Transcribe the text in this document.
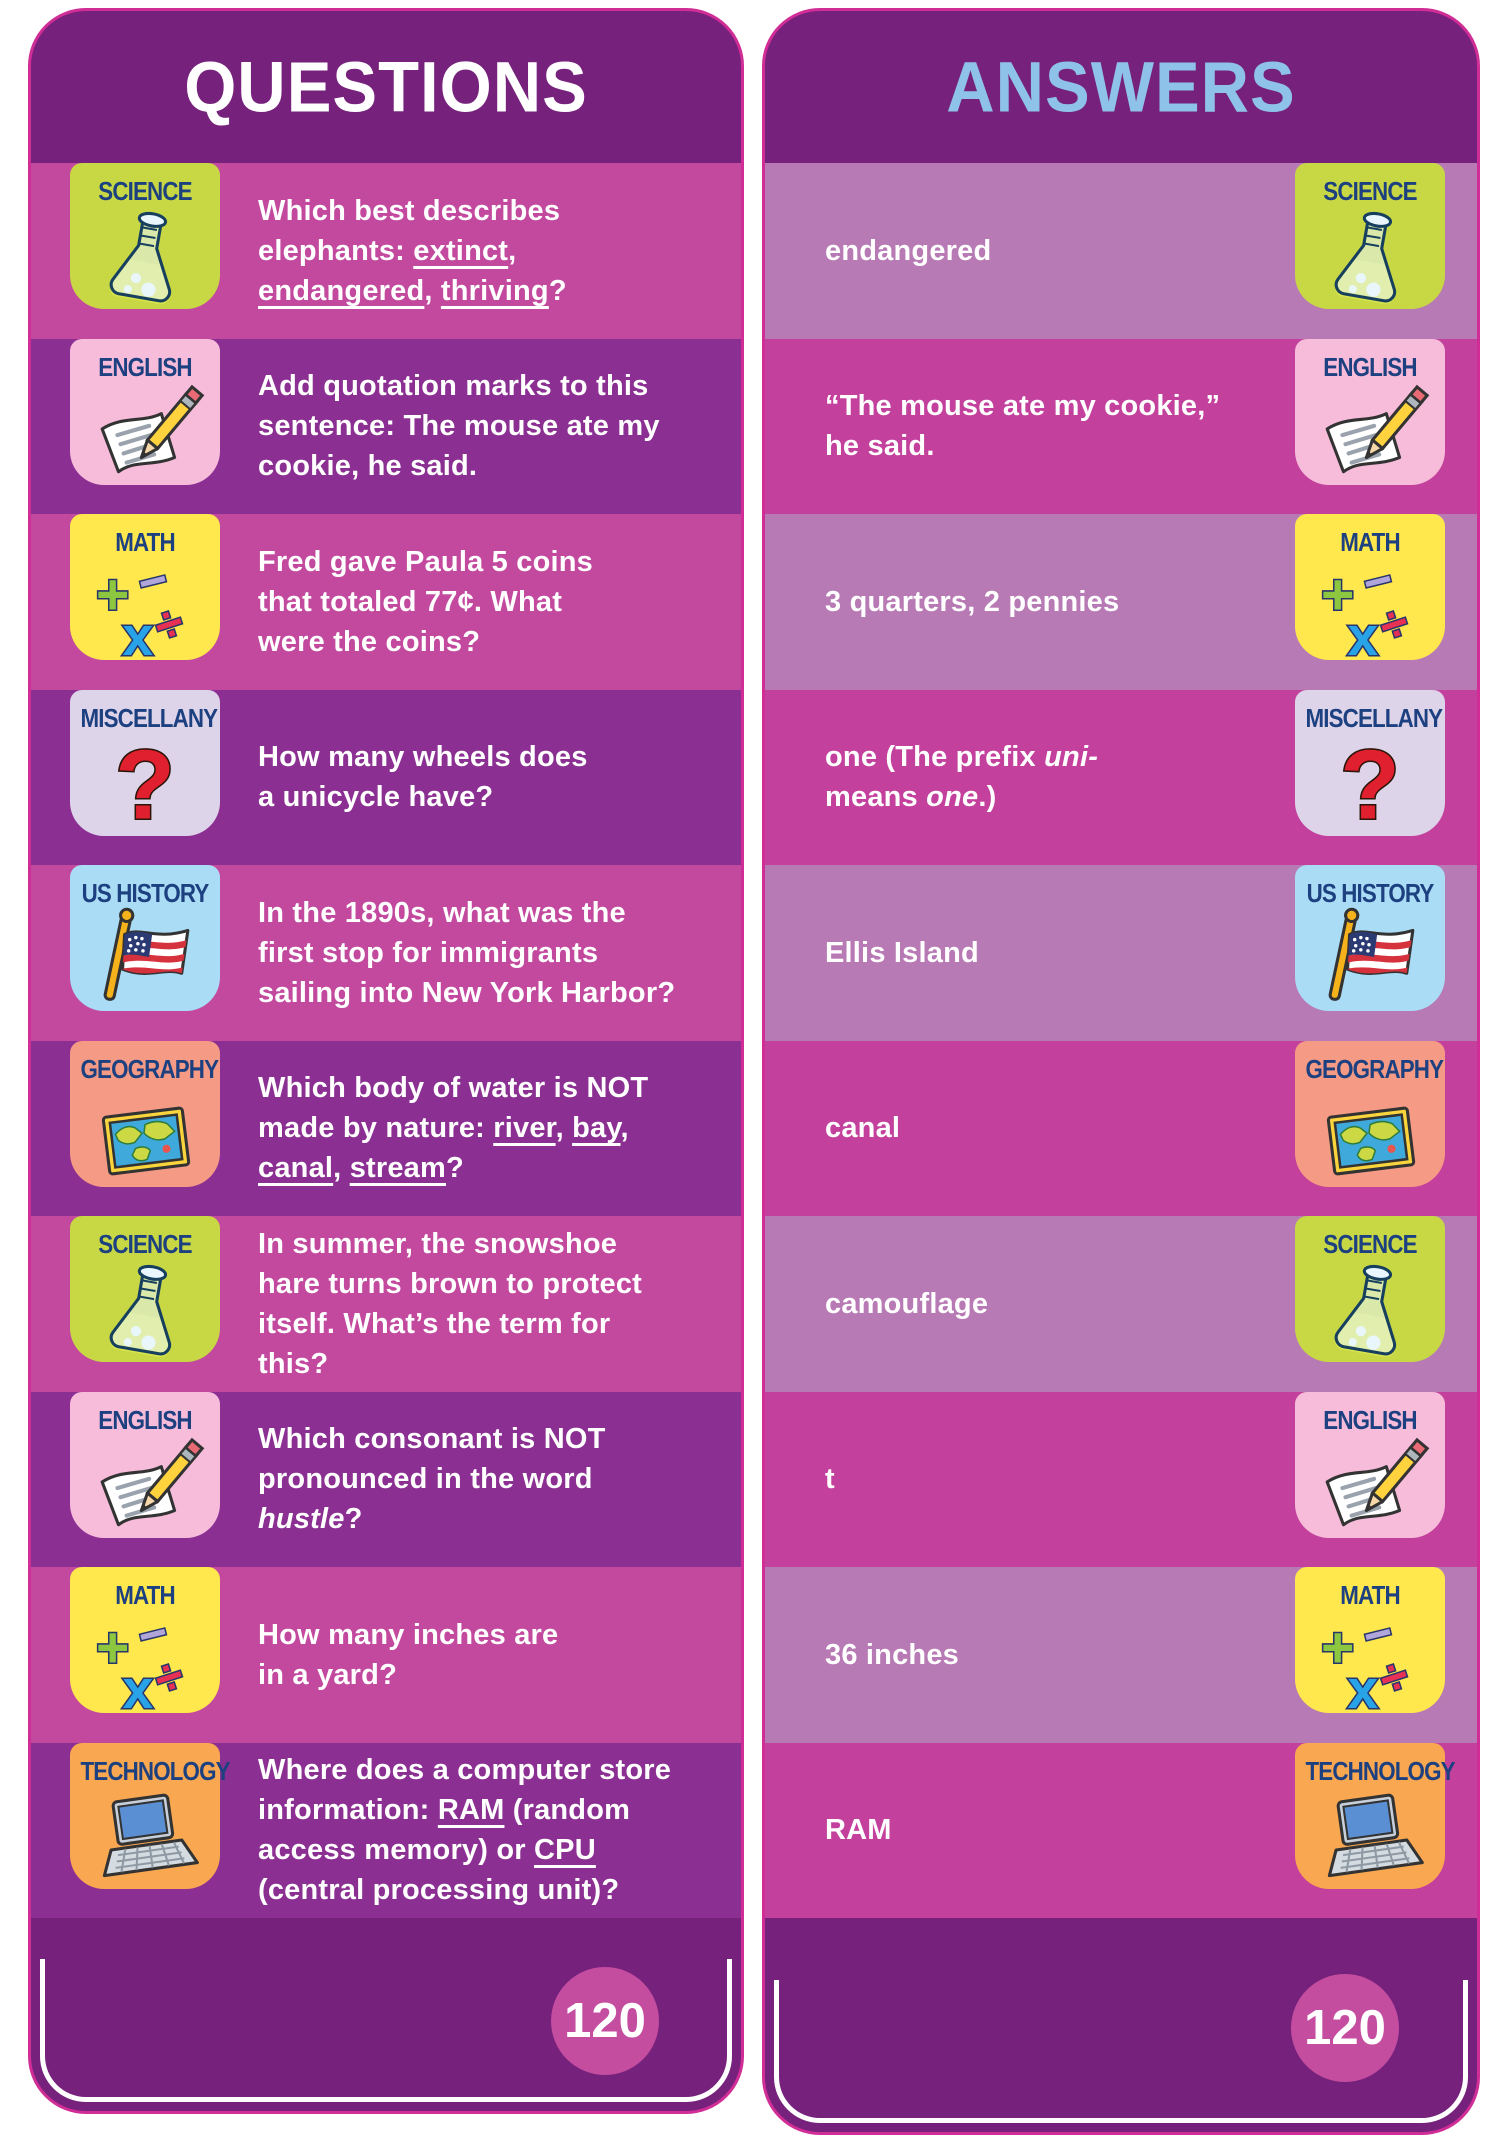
QUESTIONS
SCIENCE
Which best describes
elephants: extinct,
endangered, thriving?
ENGLISH
Add quotation marks to this
sentence: The mouse ate my
cookie, he said.
MATH
+ −
x
÷
Fred gave Paula 5 coins
that totaled 77¢. What
were the coins?
MISCELLANY
?	How many wheels does
a unicycle have?
US HISTORY
In the 1890s, what was the
first stop for immigrants
sailing into New York Harbor?
GEOGRAPHY
Which body of water is NOT
made by nature: river, bay,
canal, stream?
SCIENCE	In summer, the snowshoe
hare turns brown to protect
itself. What’s the term for
this?
ENGLISH
Which consonant is NOT
pronounced in the word
hustle?
MATH
+ −
x
÷
How many inches are
in a yard?
TECHNOLOGY Where does a computer store
information: RAM (random
access memory) or CPU
(central processing unit)?
120
ANSWERS
SCIENCE
endangered
ENGLISH
“The mouse ate my cookie,”
he said.
MATH
+ −
x
÷
3 quarters, 2 pennies
MISCELLANY
?
one (The prefix uni-
means one.)
US HISTORY
Ellis Island
GEOGRAPHY
canal
SCIENCE
camouflage
ENGLISH
t
MATH
+ −
x
÷
36 inches
TECHNOLOGY
RAM
120
